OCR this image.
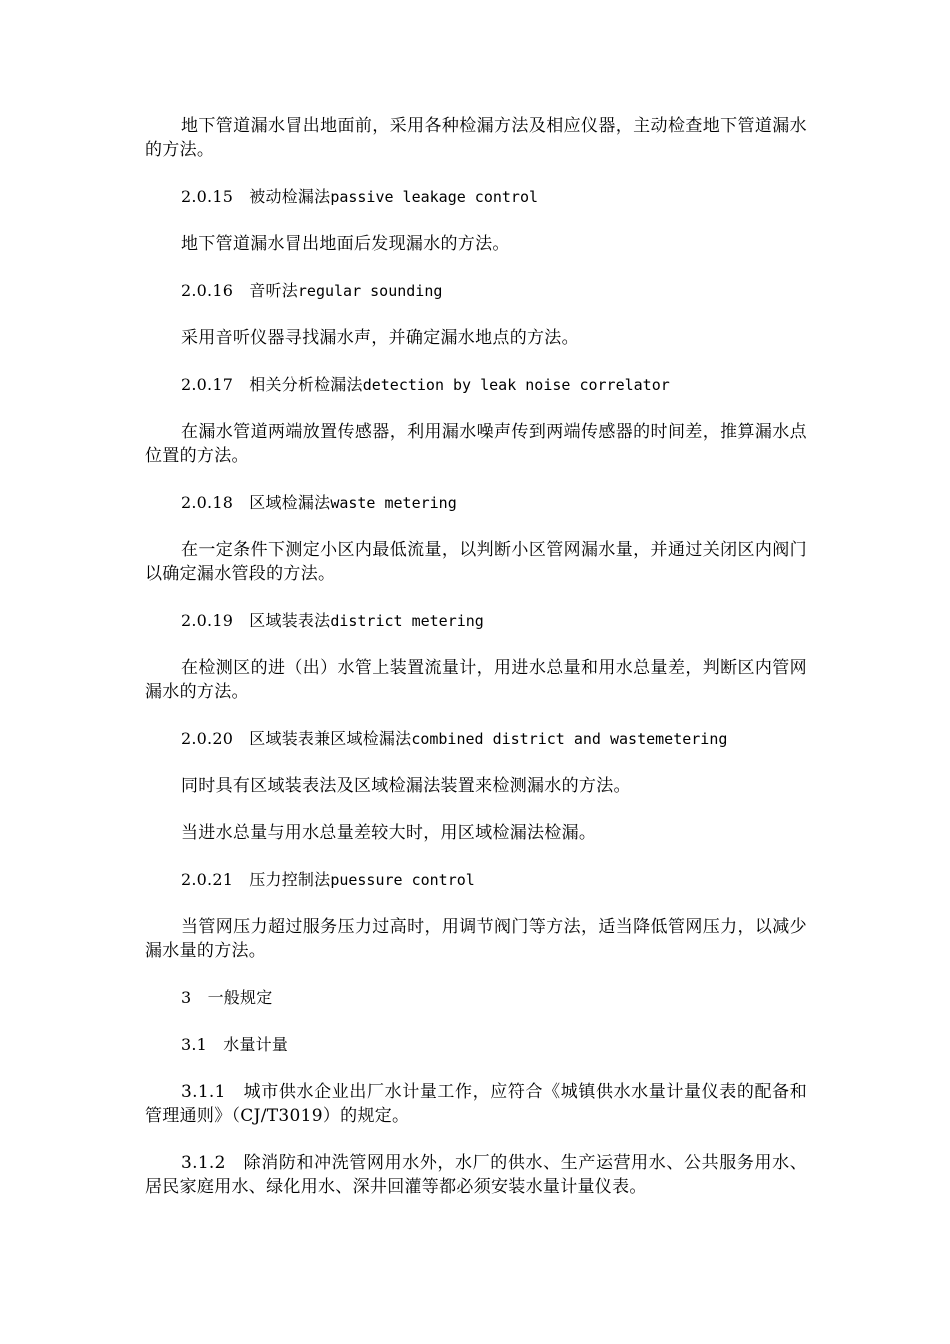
地下管道漏水冒出地面前，采用各种检漏方法及相应仪器，主动检查地下管道漏水的方法。

2.0.15　 被动检漏法passive leakage control

地下管道漏水冒出地面后发现漏水的方法。

2.0.16　 音听法regular sounding

采用音听仪器寻找漏水声，并确定漏水地点的方法。

2.0.17　 相关分析检漏法detection by leak noise correlator

在漏水管道两端放置传感器，利用漏水噪声传到两端传感器的时间差，推算漏水点位置的方法。

2.0.18　 区域检漏法waste metering

在一定条件下测定小区内最低流量，以判断小区管网漏水量，并通过关闭区内阀门以确定漏水管段的方法。

2.0.19　 区域装表法district metering

在检测区的进（出）水管上装置流量计，用进水总量和用水总量差，判断区内管网漏水的方法。

2.0.20　 区域装表兼区域检漏法combined district and wastemetering

同时具有区域装表法及区域检漏法装置来检测漏水的方法。

当进水总量与用水总量差较大时，用区域检漏法检漏。

2.0.21　 压力控制法puessure control

当管网压力超过服务压力过高时，用调节阀门等方法，适当降低管网压力，以减少漏水量的方法。

3　 一般规定

3.1　 水量计量

3.1.1　城市供水企业出厂水计量工作，应符合《城镇供水水量计量仪表的配备和管理通则》（CJ/T3019）的规定。

3.1.2　除消防和冲洗管网用水外，水厂的供水、生产运营用水、公共服务用水、居民家庭用水、绿化用水、深井回灌等都必须安装水量计量仪表。
